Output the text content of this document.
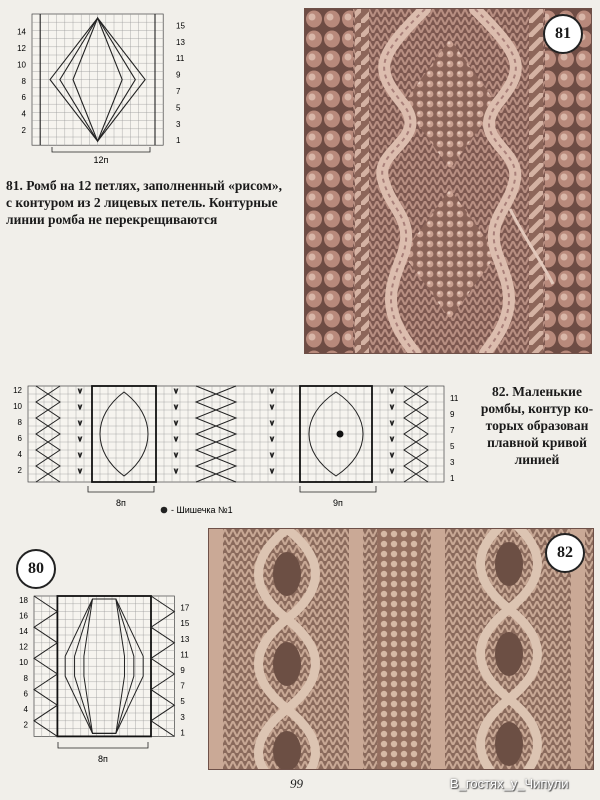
2
4
6
8
10
12
14
1
3
5
7
9
11
13
15
12п
81. Ромб на 12 петлях, заполненный «рисом»,
с контуром из 2 лицевых петель. Контурные
линии ромба не перекрещиваются
81
v
v
v
v
v
v
v
v
v
v
v
v
v
v
v
v
v
v
v
v
v
v
v
v
2
4
6
8
10
12
1
3
5
7
9
11
8п	9п
- Шишечка №1
82. Маленькие
ромбы, контур ко-
торых образован
плавной кривой
линией
80
2
4
6
8
10
12
14
16
18
1
3
5
7
9
11
13
15
17
8п
82
99	В_гостях_у_Чипули
